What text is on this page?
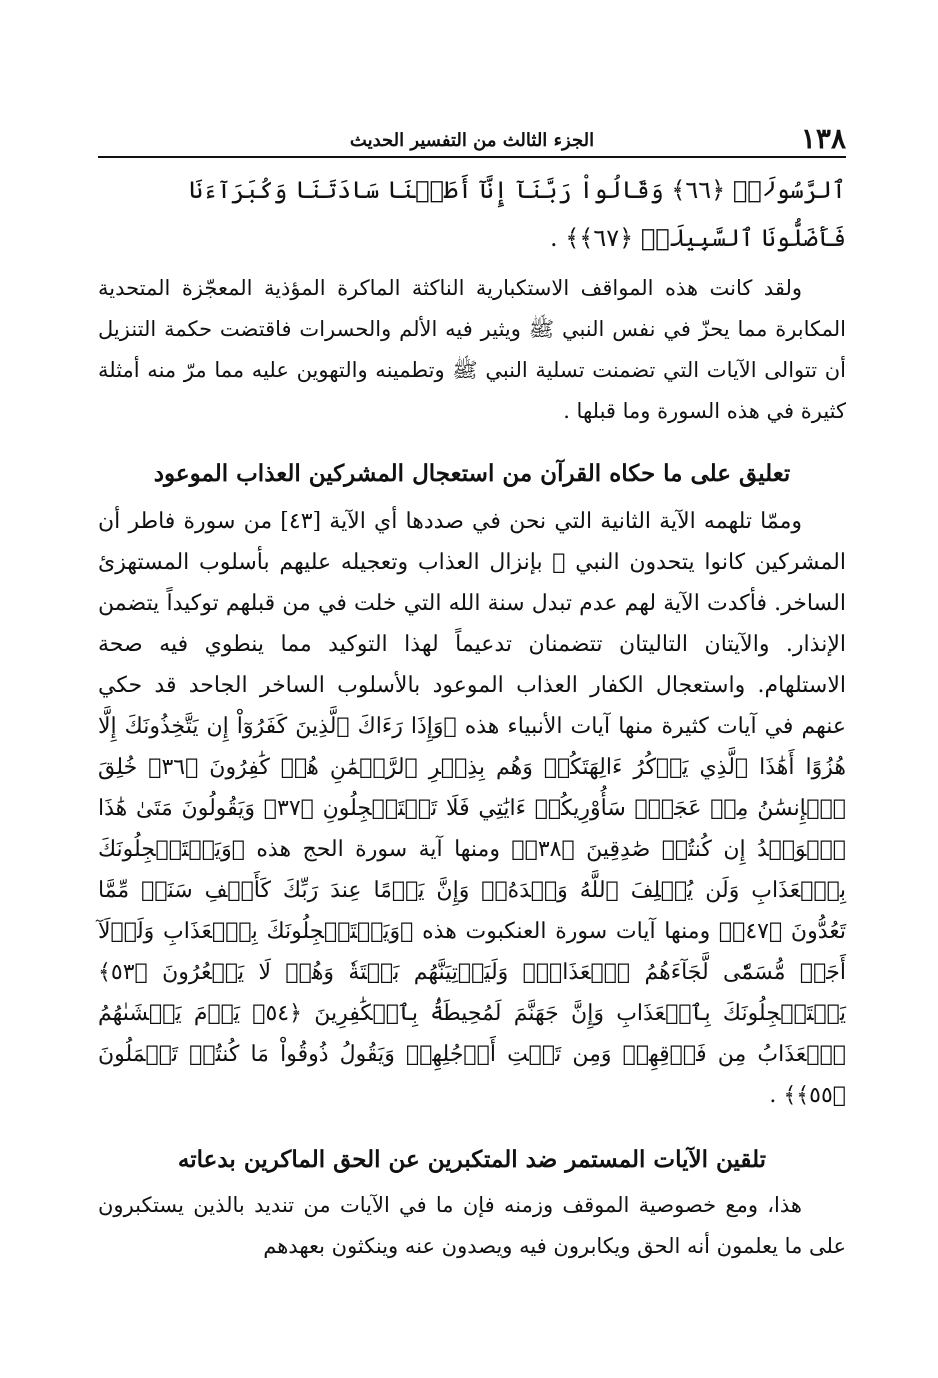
١٣٨
الجزء الثالث من التفسير الحديث

ٱلرَّسُولَا۠ ﴿٦٦﴾ وَقَالُواْ رَبَّنَآ إِنَّآ أَطَعۡنَا سَادَتَنَا وَكُبَرَآءَنَا فَأَضَلُّونَا ٱلسَّبِيلَا۠ ﴿٦٧﴾﴾ .

ولقد كانت هذه المواقف الاستكبارية الناكثة الماكرة المؤذية المعجّزة المتحدية المكابرة مما يحزّ في نفس النبي ﷺ ويثير فيه الألم والحسرات فاقتضت حكمة التنزيل أن تتوالى الآيات التي تضمنت تسلية النبي ﷺ وتطمينه والتهوين عليه مما مرّ منه أمثلة كثيرة في هذه السورة وما قبلها .

تعليق على ما حكاه القرآن من استعجال المشركين العذاب الموعود

وممّا تلهمه الآية الثانية التي نحن في صددها أي الآية [٤٣] من سورة فاطر أن المشركين كانوا يتحدون النبي ﷺ بإنزال العذاب وتعجيله عليهم بأسلوب المستهزئ الساخر. فأكدت الآية لهم عدم تبدل سنة الله التي خلت في من قبلهم توكيداً يتضمن الإنذار. والآيتان التاليتان تتضمنان تدعيماً لهذا التوكيد مما ينطوي فيه صحة الاستلهام. واستعجال الكفار العذاب الموعود بالأسلوب الساخر الجاحد قد حكي عنهم في آيات كثيرة منها آيات الأنبياء هذه ﴿وَإِذَا رَءَاكَ ٱلَّذِينَ كَفَرُوٓاْ إِن يَتَّخِذُونَكَ إِلَّا هُزُوًا أَهَٰذَا ٱلَّذِي يَذۡكُرُ ءَالِهَتَكُمۡ وَهُم بِذِكۡرِ ٱلرَّحۡمَٰنِ هُمۡ كَٰفِرُونَ ﴿٣٦﴾ خُلِقَ ٱلۡإِنسَٰنُ مِنۡ عَجَلٖۚ سَأُوْرِيكُمۡ ءَايَٰتِي فَلَا تَسۡتَعۡجِلُونِ ﴿٣٧﴾ وَيَقُولُونَ مَتَىٰ هَٰذَا ٱلۡوَعۡدُ إِن كُنتُمۡ صَٰدِقِينَ ﴿٣٨﴾﴾ ومنها آية سورة الحج هذه ﴿وَيَسۡتَعۡجِلُونَكَ بِٱلۡعَذَابِ وَلَن يُخۡلِفَ ٱللَّهُ وَعۡدَهُۥۚ وَإِنَّ يَوۡمًا عِندَ رَبِّكَ كَأَلۡفِ سَنَةٖ مِّمَّا تَعُدُّونَ ﴿٤٧﴾﴾ ومنها آيات سورة العنكبوت هذه ﴿وَيَسۡتَعۡجِلُونَكَ بِٱلۡعَذَابِ وَلَوۡلَآ أَجَلٞ مُّسَمّٗى لَّجَآءَهُمُ ٱلۡعَذَابُۚ وَلَيَأۡتِيَنَّهُم بَغۡتَةٗ وَهُمۡ لَا يَشۡعُرُونَ ﴿٥٣﴾ يَسۡتَعۡجِلُونَكَ بِٱلۡعَذَابِ وَإِنَّ جَهَنَّمَ لَمُحِيطَةُۢ بِٱلۡكَٰفِرِينَ ﴿٥٤﴾ يَوۡمَ يَغۡشَىٰهُمُ ٱلۡعَذَابُ مِن فَوۡقِهِمۡ وَمِن تَحۡتِ أَرۡجُلِهِمۡ وَيَقُولُ ذُوقُواْ مَا كُنتُمۡ تَعۡمَلُونَ ﴿٥٥﴾﴾ .

تلقين الآيات المستمر ضد المتكبرين عن الحق الماكرين بدعاته

هذا، ومع خصوصية الموقف وزمنه فإن ما في الآيات من تنديد بالذين يستكبرون على ما يعلمون أنه الحق ويكابرون فيه ويصدون عنه وينكثون بعهدهم
